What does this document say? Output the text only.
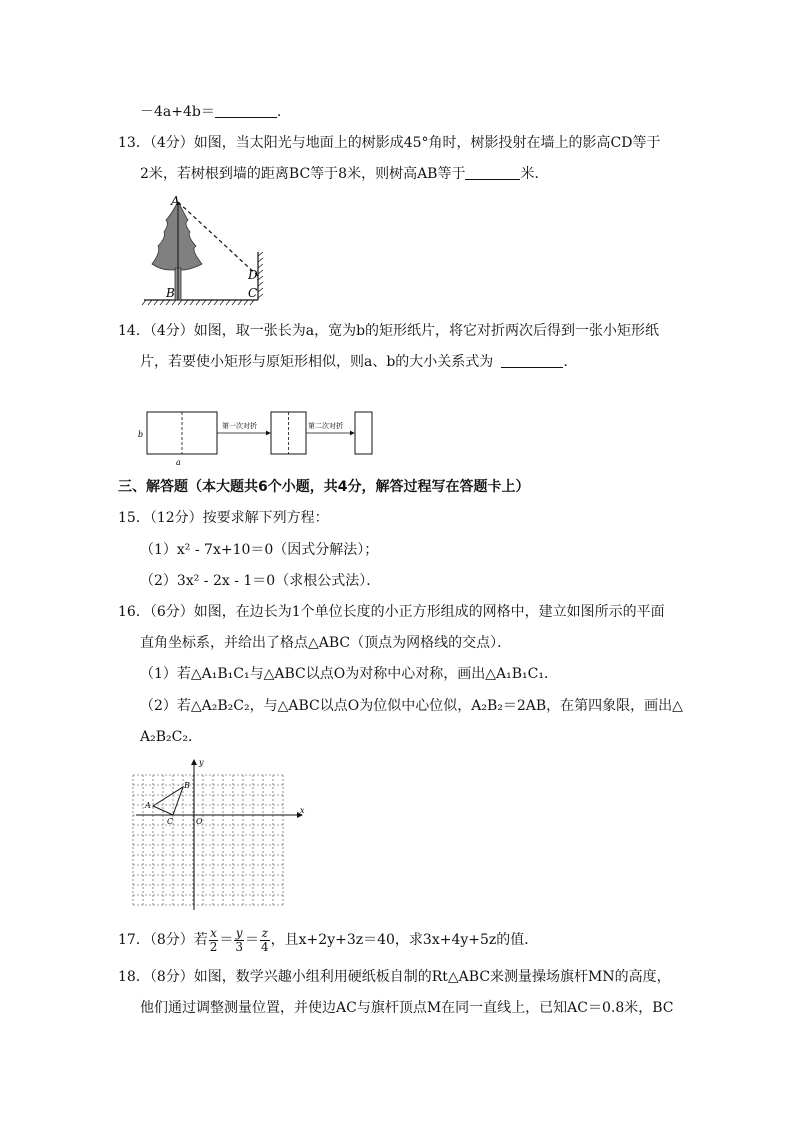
－4a+4b＝	.
13．（4分）如图，当太阳光与地面上的树影成45°角时，树影投射在墙上的影高CD等于
2米，若树根到墙的距离BC等于8米，则树高AB等于	米．
A
B	C
D
14．（4分）如图，取一张长为a，宽为b的矩形纸片，将它对折两次后得到一张小矩形纸
片，若要使小矩形与原矩形相似，则a、b的大小关系式为	.
b
a
第一次对折	第二次对折
三、解答题（本大题共6个小题，共4分，解答过程写在答题卡上）
15．（12分）按要求解下列方程：
（1）x² - 7x+10＝0（因式分解法）；
（2）3x² - 2x - 1＝0（求根公式法）．
16．（6分）如图，在边长为1个单位长度的小正方形组成的网格中，建立如图所示的平面
直角坐标系，并给出了格点△ABC（顶点为网格线的交点）．
（1）若△A₁B₁C₁与△ABC以点O为对称中心对称，画出△A₁B₁C₁．
（2）若△A₂B₂C₂，与△ABC以点O为位似中心位似，A₂B₂＝2AB，在第四象限，画出△
A₂B₂C₂．
y
x
O
A
B
C
17．（8分）若 $\frac{x}{2} = \frac{y}{3} = \frac{z}{4}$ ，且x+2y+3z＝40，求3x+4y+5z的值．
18．（8分）如图，数学兴趣小组利用硬纸板自制的Rt△ABC来测量操场旗杆MN的高度，
他们通过调整测量位置，并使边AC与旗杆顶点M在同一直线上，已知AC＝0.8米，BC
